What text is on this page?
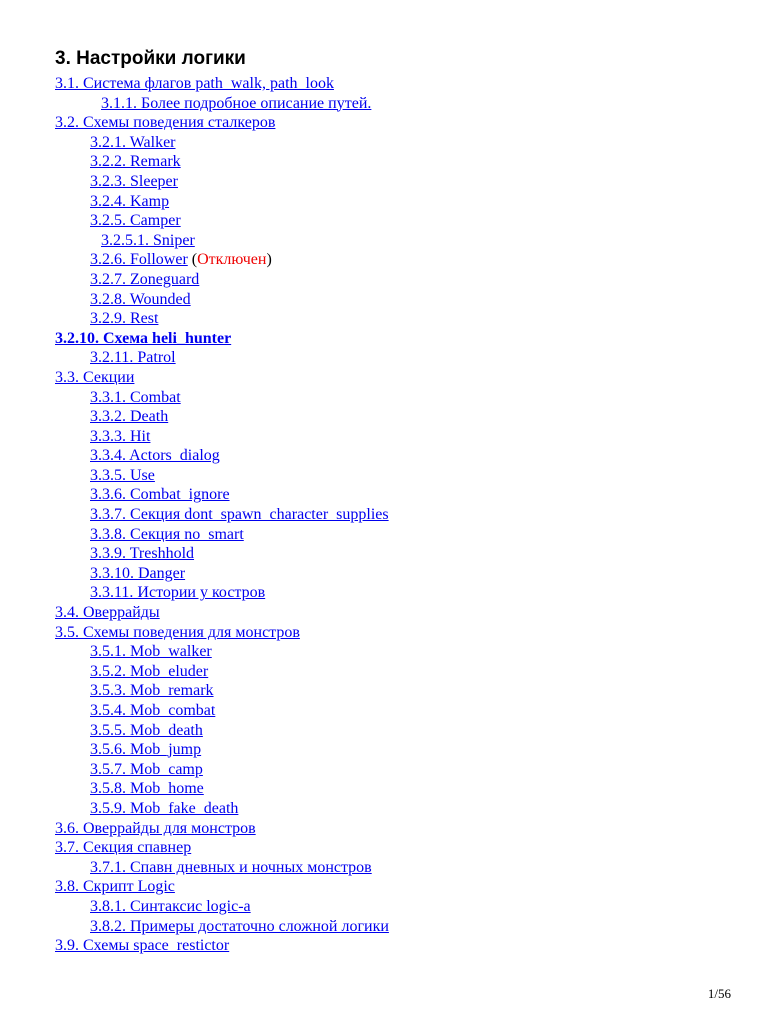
3. Настройки логики
3.1. Система флагов path_walk, path_look
3.1.1. Более подробное описание путей.
3.2. Схемы поведения сталкеров
3.2.1. Walker
3.2.2. Remark
3.2.3. Sleeper
3.2.4. Kamp
3.2.5. Camper
3.2.5.1. Sniper
3.2.6. Follower (Отключен)
3.2.7. Zoneguard
3.2.8. Wounded
3.2.9. Rest
3.2.10. Схема heli_hunter
3.2.11. Patrol
3.3. Секции
3.3.1. Combat
3.3.2. Death
3.3.3. Hit
3.3.4. Actors_dialog
3.3.5. Use
3.3.6. Combat_ignore
3.3.7. Секция dont_spawn_character_supplies
3.3.8. Секция no_smart
3.3.9. Treshhold
3.3.10. Danger
3.3.11. Истории у костров
3.4. Оверрайды
3.5. Схемы поведения для монстров
3.5.1. Mob_walker
3.5.2. Mob_eluder
3.5.3. Mob_remark
3.5.4. Mob_combat
3.5.5. Mob_death
3.5.6. Mob_jump
3.5.7. Mob_camp
3.5.8. Mob_home
3.5.9. Mob_fake_death
3.6. Оверрайды для монстров
3.7. Секция спавнер
3.7.1. Спавн дневных и ночных монстров
3.8. Скрипт Logic
3.8.1. Синтаксис logic-а
3.8.2. Примеры достаточно сложной логики
3.9. Схемы space_restictor
1/56
